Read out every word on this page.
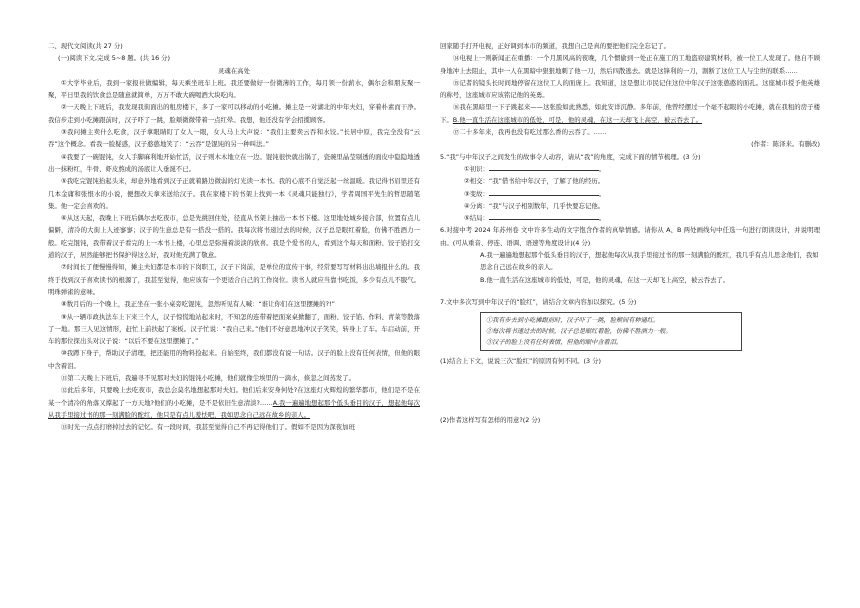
二、现代文阅读(共 27 分)

(一)阅读下文,完成 5~8 题。(共 16 分)

灵魂在高处

①大学毕业后，我到一家报社做编辑，每天乘坐班车上班。我还要做好一份微薄的工作，每月领一份薪水，偶尔会和朋友聚一聚，平日里我的饮食总是随意就简单，万万不敢大碗喝酒大块吃肉。

②一天晚上下班后，我发现我街面出的租房楼下，多了一家可以移动的小吃摊。摊主是一对湖北的中年夫妇，穿着朴素而干净。我信步走到小吃摊跟前时，汉子吓了一跳，脸颊微微带着一点红晕。我想，他还没有学会招揽顾客。

③我问摊主卖什么吃食，汉子拿眼睛盯了女人一眼，女人马上大声说：“我们主要卖云吞和水饺。”长居中原，我完全没有“云吞”这个概念。看我一脸疑惑，汉子憨憨地笑了：“云吞”是馄饨的另一种叫法。”

④我要了一碗馄饨，女人手脚麻利地开始忙活，汉子则木木地立在一边。馄饨很快就出锅了，瓷碗里晶莹剔透的面皮中隐隐地透出一抹粉红，牛骨、虾皮熬成的汤底让人垂涎不已。

⑤我吃完馄饨抬起头来，却意外地看到汉子正就着路边微弱的灯光读一本书。我的心底不自觉泛起一丝温暖。我记得书眉里还有几本金庸和张恨水的小说，便想改天拿来送给汉子。我在家楼下的书架上找到一本《灵魂只能独行》，学者周国平先生的哲思随笔集。他一定会喜欢的。

⑥从这天起，我晚上下班后偶尔去吃夜市，总是先挑回住处，径直从书架上抽出一本书下楼。这里地处城乡接合部，位置有点儿偏僻，清冷的大街上人迹寥寥；汉子的生意总是有一搭没一搭的。我每次将书递过去的时候，汉子总是眼红着脸，仿佛不胜酒力一般。吃完馄饨，我带着汉子看完的上一本书上楼，心里总是弥漫着淡淡的欣喜。我是个爱书的人，看到这个每天和面粉、饺子馅打交道的汉子，居然能够把书保护得这么好，我对他充满了敬意。

⑦时间长了便慢慢得知，摊主夫妇都是本市的下岗职工，汉子下岗前，是单位的宣传干事，经常要写写材料出出墙报什么的。我终于找到汉子喜欢读书的根源了，我甚至觉得，他应该有一个更适合自己的工作岗位。读书人就应当靠书吃饭，多少有点儿不服气。明珠弹雀的意味。

⑧数月后的一个晚上，我正坐在一张小桌旁吃馄饨，忽然听见有人喊：“谁让你们在这里摆摊的?!”

⑨从一辆市政执法车上下来三个人，汉子惊慌地站起来时，不知怎的连带着把面案桌掀翻了，面粉、饺子馅、作料、青菜等散落了一地。那三人见这情形，赶忙上前扶起了案板。汉子忙说：“我自己来。”他们不好意思地冲汉子笑笑，转身上了车。车启动前，开车的那位探出头对汉子说：“以后不要在这里摆摊了。”

⑩我蹲下身子，帮助汉子清理，把还能用的物料捡起来。自始至终，我们都没有说一句话。汉子的脸上没有任何表情，但他的眼中含着泪。

⑪第二天晚上下班后，我遍寻不见那对夫妇的馄饨小吃摊，他们就像尘埃里的一滴水，倏忽之间蒸发了。

⑫此后多年，只要晚上去吃夜市，我总会莫名地想起那对夫妇。他们后来安身何处?在这座灯火辉煌的繁华都市，他们是不是在某一个清冷的角落又撑起了一方天地?他们的小吃摊，是不是依旧生意清淡?……A.我一遍遍地想起那个低头垂目的汉子，想起他每次从我手里接过书的那一刻满脸的酡红，他只是有点儿羞怯吧，我如思念自己远在故乡的亲人。

⑬时光一点点打磨掉过去的记忆。有一段时间，我甚至觉得自己不再记得他们了。假如不是因为深夜加班

回家随手打开电视，正好调到本市的频道，我想自己是真的要把他们完全忘记了。

⑭电视上一则新闻正在重播：一个月黑风高的夜晚，几个惯偷到一处正在施工的工地盗窃建筑材料，被一位工人发现了。他自不顾身地冲上去阻止，其中一人在黑暗中狠狠地刺了他一刀，然后四散逃去。就是这锋利的一刀，割断了这位工人与尘世的联系……

⑮记者的镜头长时间地停留在这位工人的面庞上。我知道，这是想让市民记住这位中年汉子这张憨憨的面孔。这座城市授予他英雄的称号，这座城市应该铭记他的英勇。

⑯我在黑暗里一下子跳起来——这张脸如此熟悉，如此安详沉静。多年前，他曾经摆过一个毫不起眼的小吃摊，就在我租的房子楼下。B.他一直生活在这座城市的低处，可是，他的灵魂，在这一天却飞上高空，被云吞去了。

⑰二十多年来，我再也没有吃过那么香的云吞了。……

(作者：陈泽来。有删改)

5.“我”与中年汉子之间发生的故事令人动容，请从“我”的角度，完成下面的情节梳理。(3 分)

①初识：	。

②相交：“我”借书给中年汉子，了解了他的经历。

③变故：	。

④分离：“我”与汉子相别数年，几乎快要忘记他。

⑤结局：	。

6.对接中考 2024 年苏州卷 文中许多生动的文字饱含作者的真挚情感。请你从 A、B 两处画线句中任选一句进行朗读设计，并说明理由。(可从重音、停连、语调、语速等角度设计)(4 分)

A.我一遍遍地想起那个低头垂目的汉子，想起他每次从我手里接过书的那一刻满脸的酡红，我几乎有点儿思念他们，我如思念自己远在故乡的亲人。

B.他一直生活在这座城市的低处，可是，他的灵魂，在这一天却飞上高空，被云吞去了。

7.文中多次写到中年汉子的“脸红”，请结合文章内容加以探究。(5 分)

①我有步去到小吃摊跟前时，汉子吓了一跳，脸颊间有种通红。

②每次将书递过去的时候，汉子总是眼红着脸，仿佛不胜酒力一般。

③汉子的脸上没有任何表情，但他的眼中含着泪。

(1)结合上下文，说说三次“脸红”的原因有何不同。(3 分)

(2)作者这样写有怎样的用意?(2 分)
